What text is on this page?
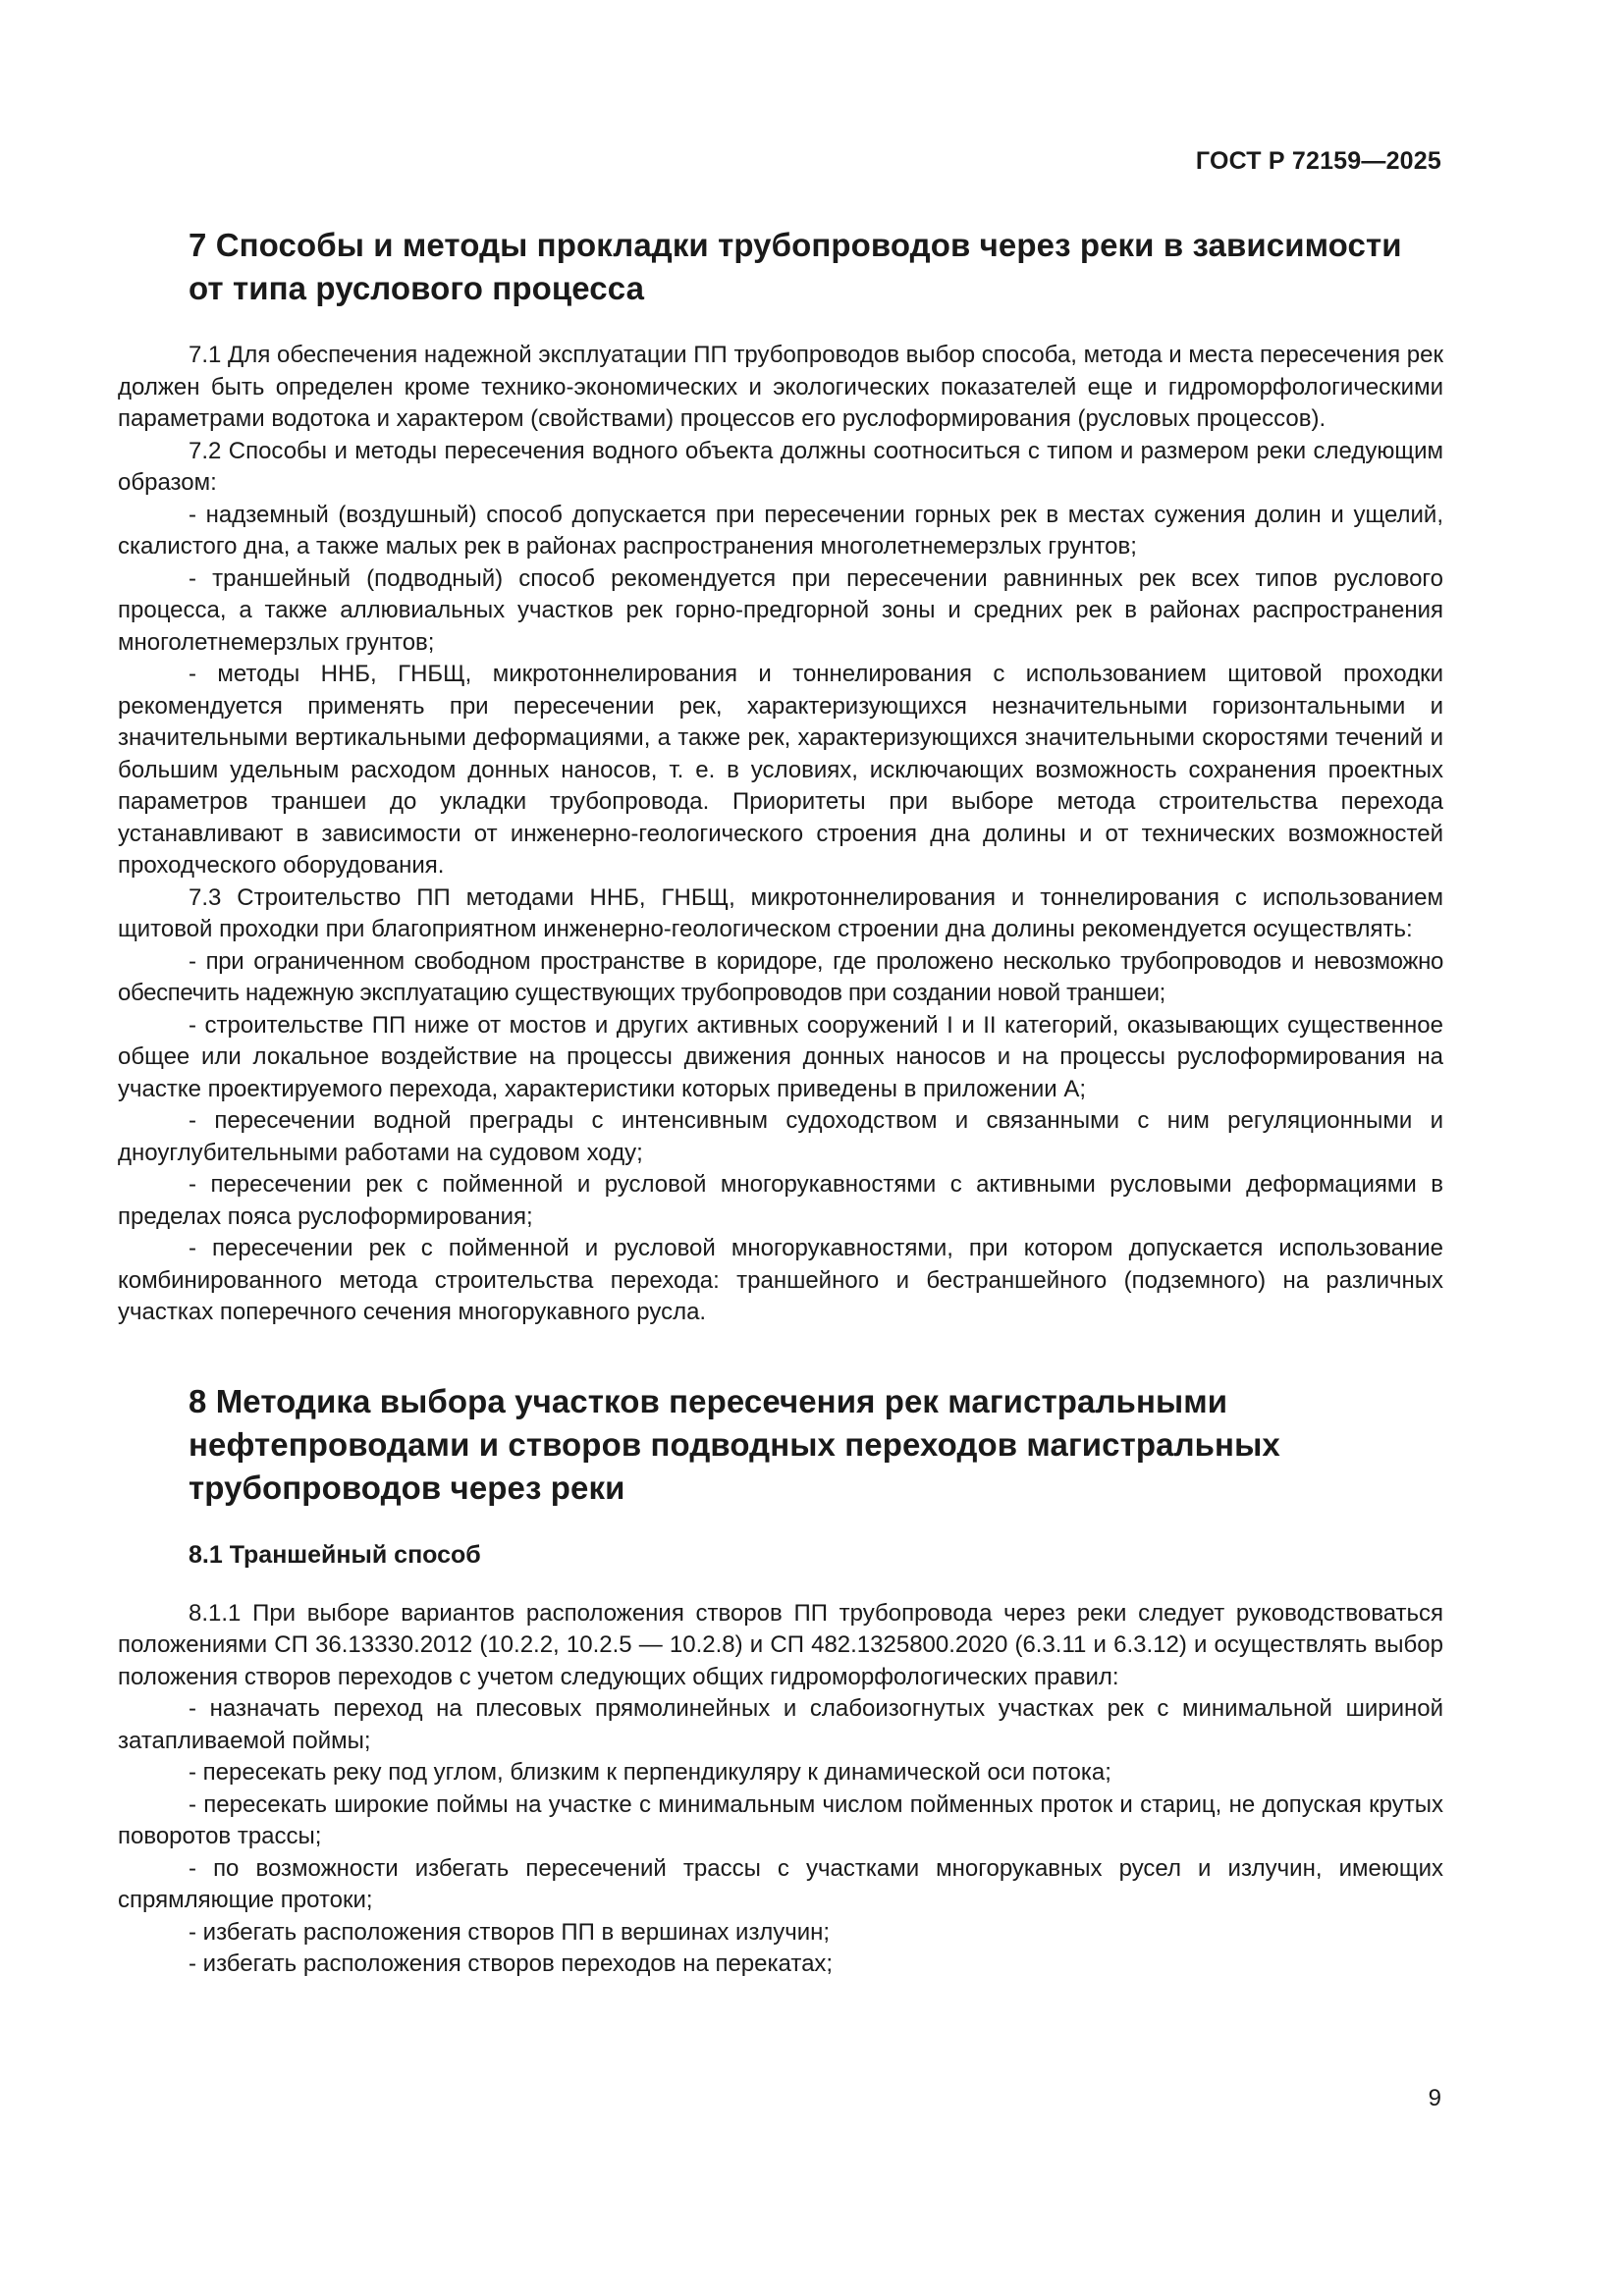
ГОСТ Р 72159—2025
7 Способы и методы прокладки трубопроводов через реки в зависимости от типа руслового процесса

7.1 Для обеспечения надежной эксплуатации ПП трубопроводов выбор способа, метода и места пересечения рек должен быть определен кроме технико-экономических и экологических показателей еще и гидроморфологическими параметрами водотока и характером (свойствами) процессов его руслоформирования (русловых процессов).

7.2 Способы и методы пересечения водного объекта должны соотноситься с типом и размером реки следующим образом:

- надземный (воздушный) способ допускается при пересечении горных рек в местах сужения долин и ущелий, скалистого дна, а также малых рек в районах распространения многолетнемерзлых грунтов;

- траншейный (подводный) способ рекомендуется при пересечении равнинных рек всех типов руслового процесса, а также аллювиальных участков рек горно-предгорной зоны и средних рек в районах распространения многолетнемерзлых грунтов;

- методы ННБ, ГНБЩ, микротоннелирования и тоннелирования с использованием щитовой проходки рекомендуется применять при пересечении рек, характеризующихся незначительными горизонтальными и значительными вертикальными деформациями, а также рек, характеризующихся значительными скоростями течений и большим удельным расходом донных наносов, т. е. в условиях, исключающих возможность сохранения проектных параметров траншеи до укладки трубопровода. Приоритеты при выборе метода строительства перехода устанавливают в зависимости от инженерно-геологического строения дна долины и от технических возможностей проходческого оборудования.

7.3 Строительство ПП методами ННБ, ГНБЩ, микротоннелирования и тоннелирования с использованием щитовой проходки при благоприятном инженерно-геологическом строении дна долины рекомендуется осуществлять:

- при ограниченном свободном пространстве в коридоре, где проложено несколько трубопроводов и невозможно обеспечить надежную эксплуатацию существующих трубопроводов при создании новой траншеи;

- строительстве ПП ниже от мостов и других активных сооружений I и II категорий, оказывающих существенное общее или локальное воздействие на процессы движения донных наносов и на процессы руслоформирования на участке проектируемого перехода, характеристики которых приведены в приложении А;

- пересечении водной преграды с интенсивным судоходством и связанными с ним регуляционными и дноуглубительными работами на судовом ходу;

- пересечении рек с пойменной и русловой многорукавностями с активными русловыми деформациями в пределах пояса руслоформирования;

- пересечении рек с пойменной и русловой многорукавностями, при котором допускается использование комбинированного метода строительства перехода: траншейного и бестраншейного (подземного) на различных участках поперечного сечения многорукавного русла.

8 Методика выбора участков пересечения рек магистральными нефтепроводами и створов подводных переходов магистральных трубопроводов через реки
8.1 Траншейный способ

8.1.1 При выборе вариантов расположения створов ПП трубопровода через реки следует руководствоваться положениями СП 36.13330.2012 (10.2.2, 10.2.5 — 10.2.8) и СП 482.1325800.2020 (6.3.11 и 6.3.12) и осуществлять выбор положения створов переходов с учетом следующих общих гидроморфологических правил:

- назначать переход на плесовых прямолинейных и слабоизогнутых участках рек с минимальной шириной затапливаемой поймы;

- пересекать реку под углом, близким к перпендикуляру к динамической оси потока;

- пересекать широкие поймы на участке с минимальным числом пойменных проток и стариц, не допуская крутых поворотов трассы;

- по возможности избегать пересечений трассы с участками многорукавных русел и излучин, имеющих спрямляющие протоки;

- избегать расположения створов ПП в вершинах излучин;

- избегать расположения створов переходов на перекатах;

9
